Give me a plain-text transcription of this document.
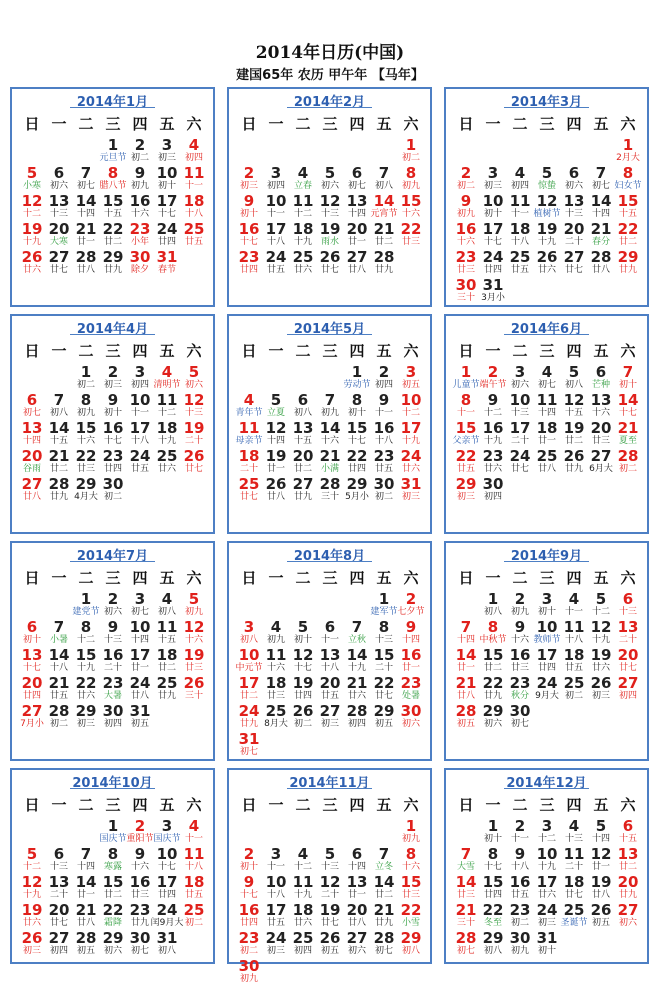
2014年日历(中国)
建国65年 农历 甲午年 【马年】
2014年1月
日 一 二 三 四 五 六
1
元旦节
2
初二
3
初三
4
初四
5
小寒
6
初六
7
初七
8
腊八节
9
初九
10
初十
11
十一
12
十二
13
十三
14
十四
15
十五
16
十六
17
十七
18
十八
19
十九
20
大寒
21
廿一
22
廿二
23
小年
24
廿四
25
廿五
26
廿六
27
廿七
28
廿八
29
廿九
30
除夕
31
春节
2014年2月
日 一 二 三 四 五 六
1
初二
2
初三
3
初四
4
立春
5
初六
6
初七
7
初八
8
初九
9
初十
10
十一
11
十二
12
十三
13
十四
14
元宵节
15
十六
16
十七
17
十八
18
十九
19
雨水
20
廿一
21
廿二
22
廿三
23
廿四
24
廿五
25
廿六
26
廿七
27
廿八
28
廿九
2014年3月
日 一 二 三 四 五 六
1
2月大
2
初二
3
初三
4
初四
5
惊蛰
6
初六
7
初七
8
妇女节
9
初九
10
初十
11
十一
12
植树节
13
十三
14
十四
15
十五
16
十六
17
十七
18
十八
19
十九
20
二十
21
春分
22
廿二
23
廿三
24
廿四
25
廿五
26
廿六
27
廿七
28
廿八
29
廿九
30
三十
31
3月小
2014年4月
日 一 二 三 四 五 六
1
初二
2
初三
3
初四
4
清明节
5
初六
6
初七
7
初八
8
初九
9
初十
10
十一
11
十二
12
十三
13
十四
14
十五
15
十六
16
十七
17
十八
18
十九
19
二十
20
谷雨
21
廿二
22
廿三
23
廿四
24
廿五
25
廿六
26
廿七
27
廿八
28
廿九
29
4月大
30
初二
2014年5月
日 一 二 三 四 五 六
1
劳动节
2
初四
3
初五
4
青年节
5
立夏
6
初八
7
初九
8
初十
9
十一
10
十二
11
母亲节
12
十四
13
十五
14
十六
15
十七
16
十八
17
十九
18
二十
19
廿一
20
廿二
21
小满
22
廿四
23
廿五
24
廿六
25
廿七
26
廿八
27
廿九
28
三十
29
5月小
30
初二
31
初三
2014年6月
日 一 二 三 四 五 六
1
儿童节
2
端午节
3
初六
4
初七
5
初八
6
芒种
7
初十
8
十一
9
十二
10
十三
11
十四
12
十五
13
十六
14
十七
15
父亲节
16
十九
17
二十
18
廿一
19
廿二
20
廿三
21
夏至
22
廿五
23
廿六
24
廿七
25
廿八
26
廿九
27
6月大
28
初二
29
初三
30
初四
2014年7月
日 一 二 三 四 五 六
1
建党节
2
初六
3
初七
4
初八
5
初九
6
初十
7
小暑
8
十二
9
十三
10
十四
11
十五
12
十六
13
十七
14
十八
15
十九
16
二十
17
廿一
18
廿二
19
廿三
20
廿四
21
廿五
22
廿六
23
大暑
24
廿八
25
廿九
26
三十
27
7月小
28
初二
29
初三
30
初四
31
初五
2014年8月
日 一 二 三 四 五 六
1
建军节
2
七夕节
3
初八
4
初九
5
初十
6
十一
7
立秋
8
十三
9
十四
10
中元节
11
十六
12
十七
13
十八
14
十九
15
二十
16
廿一
17
廿二
18
廿三
19
廿四
20
廿五
21
廿六
22
廿七
23
处暑
24
廿九
25
8月大
26
初二
27
初三
28
初四
29
初五
30
初六
31
初七
2014年9月
日 一 二 三 四 五 六
1
初八
2
初九
3
初十
4
十一
5
十二
6
十三
7
十四
8
中秋节
9
十六
10
教师节
11
十八
12
十九
13
二十
14
廿一
15
廿二
16
廿三
17
廿四
18
廿五
19
廿六
20
廿七
21
廿八
22
廿九
23
秋分
24
9月大
25
初二
26
初三
27
初四
28
初五
29
初六
30
初七
2014年10月
日 一 二 三 四 五 六
1
国庆节
2
重阳节
3
国庆节
4
十一
5
十二
6
十三
7
十四
8
寒露
9
十六
10
十七
11
十八
12
十九
13
二十
14
廿一
15
廿二
16
廿三
17
廿四
18
廿五
19
廿六
20
廿七
21
廿八
22
霜降
23
廿九
24
闰9月大
25
初二
26
初三
27
初四
28
初五
29
初六
30
初七
31
初八
2014年11月
日 一 二 三 四 五 六
1
初九
2
初十
3
十一
4
十二
5
十三
6
十四
7
立冬
8
十六
9
十七
10
十八
11
十九
12
二十
13
廿一
14
廿二
15
廿三
16
廿四
17
廿五
18
廿六
19
廿七
20
廿八
21
廿九
22
小雪
23
初二
24
初三
25
初四
26
初五
27
初六
28
初七
29
初八
30
初九
2014年12月
日 一 二 三 四 五 六
1
初十
2
十一
3
十二
4
十三
5
十四
6
十五
7
大雪
8
十七
9
十八
10
十九
11
二十
12
廿一
13
廿二
14
廿三
15
廿四
16
廿五
17
廿六
18
廿七
19
廿八
20
廿九
21
三十
22
冬至
23
初二
24
初三
25
圣诞节
26
初五
27
初六
28
初七
29
初八
30
初九
31
初十
